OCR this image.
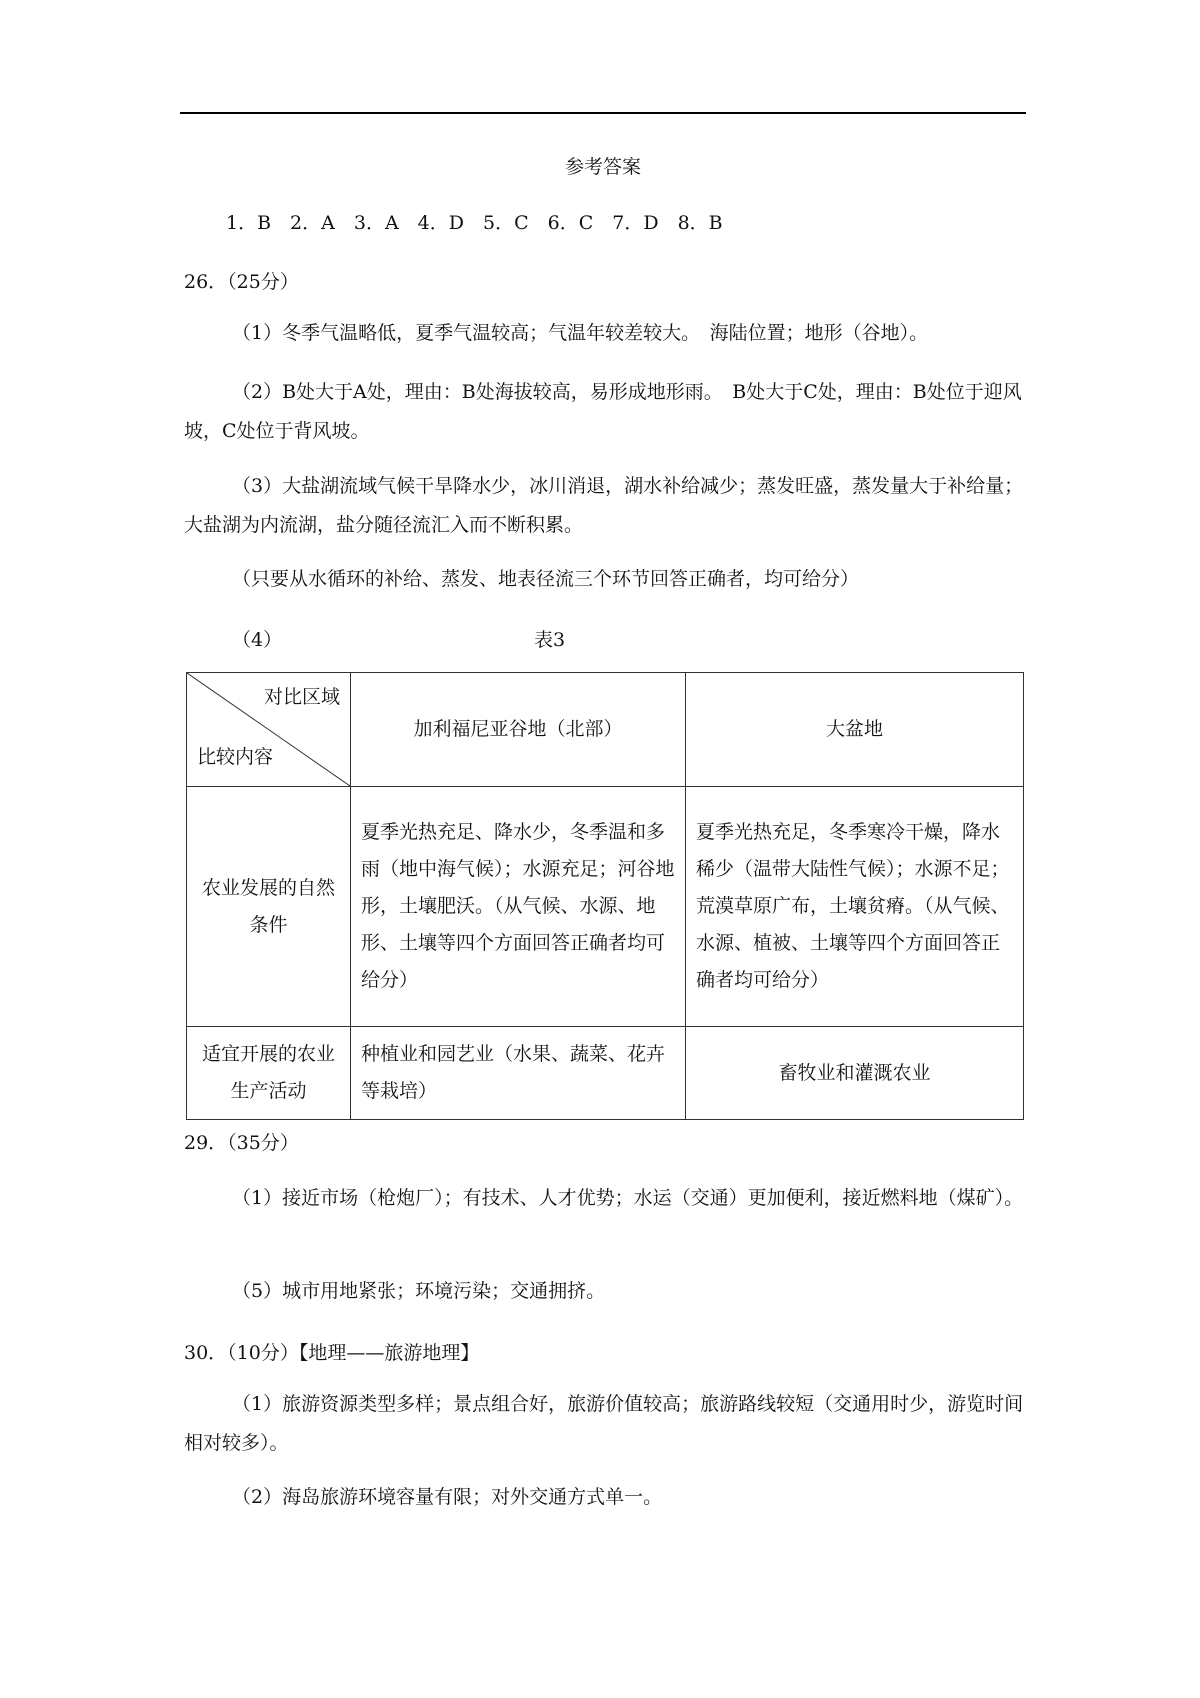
参考答案
1．B　2．A　3．A　4．D　5．C　6．C　7．D　8．B
26．（25分）
（1）冬季气温略低，夏季气温较高；气温年较差较大。　海陆位置；地形（谷地）。
（2）B处大于A处，理由：B处海拔较高，易形成地形雨。　B处大于C处，理由：B处位于迎风坡，C处位于背风坡。
（3）大盐湖流域气候干旱降水少，冰川消退，湖水补给减少；蒸发旺盛，蒸发量大于补给量；大盐湖为内流湖，盐分随径流汇入而不断积累。
（只要从水循环的补给、蒸发、地表径流三个环节回答正确者，均可给分）
（4）	表3
对比区域
比较内容	加利福尼亚谷地（北部）	大盆地
农业发展的自然条件	夏季光热充足、降水少，冬季温和多雨（地中海气候）；水源充足；河谷地形，土壤肥沃。（从气候、水源、地形、土壤等四个方面回答正确者均可给分）	夏季光热充足，冬季寒冷干燥，降水稀少（温带大陆性气候）；水源不足；荒漠草原广布，土壤贫瘠。（从气候、水源、植被、土壤等四个方面回答正确者均可给分）
适宜开展的农业生产活动	种植业和园艺业（水果、蔬菜、花卉等栽培）	畜牧业和灌溉农业
29．（35分）
（1）接近市场（枪炮厂）；有技术、人才优势；水运（交通）更加便利，接近燃料地（煤矿）。
（5）城市用地紧张；环境污染；交通拥挤。
30．（10分）【地理——旅游地理】
（1）旅游资源类型多样；景点组合好，旅游价值较高；旅游路线较短（交通用时少，游览时间相对较多）。
（2）海岛旅游环境容量有限；对外交通方式单一。
